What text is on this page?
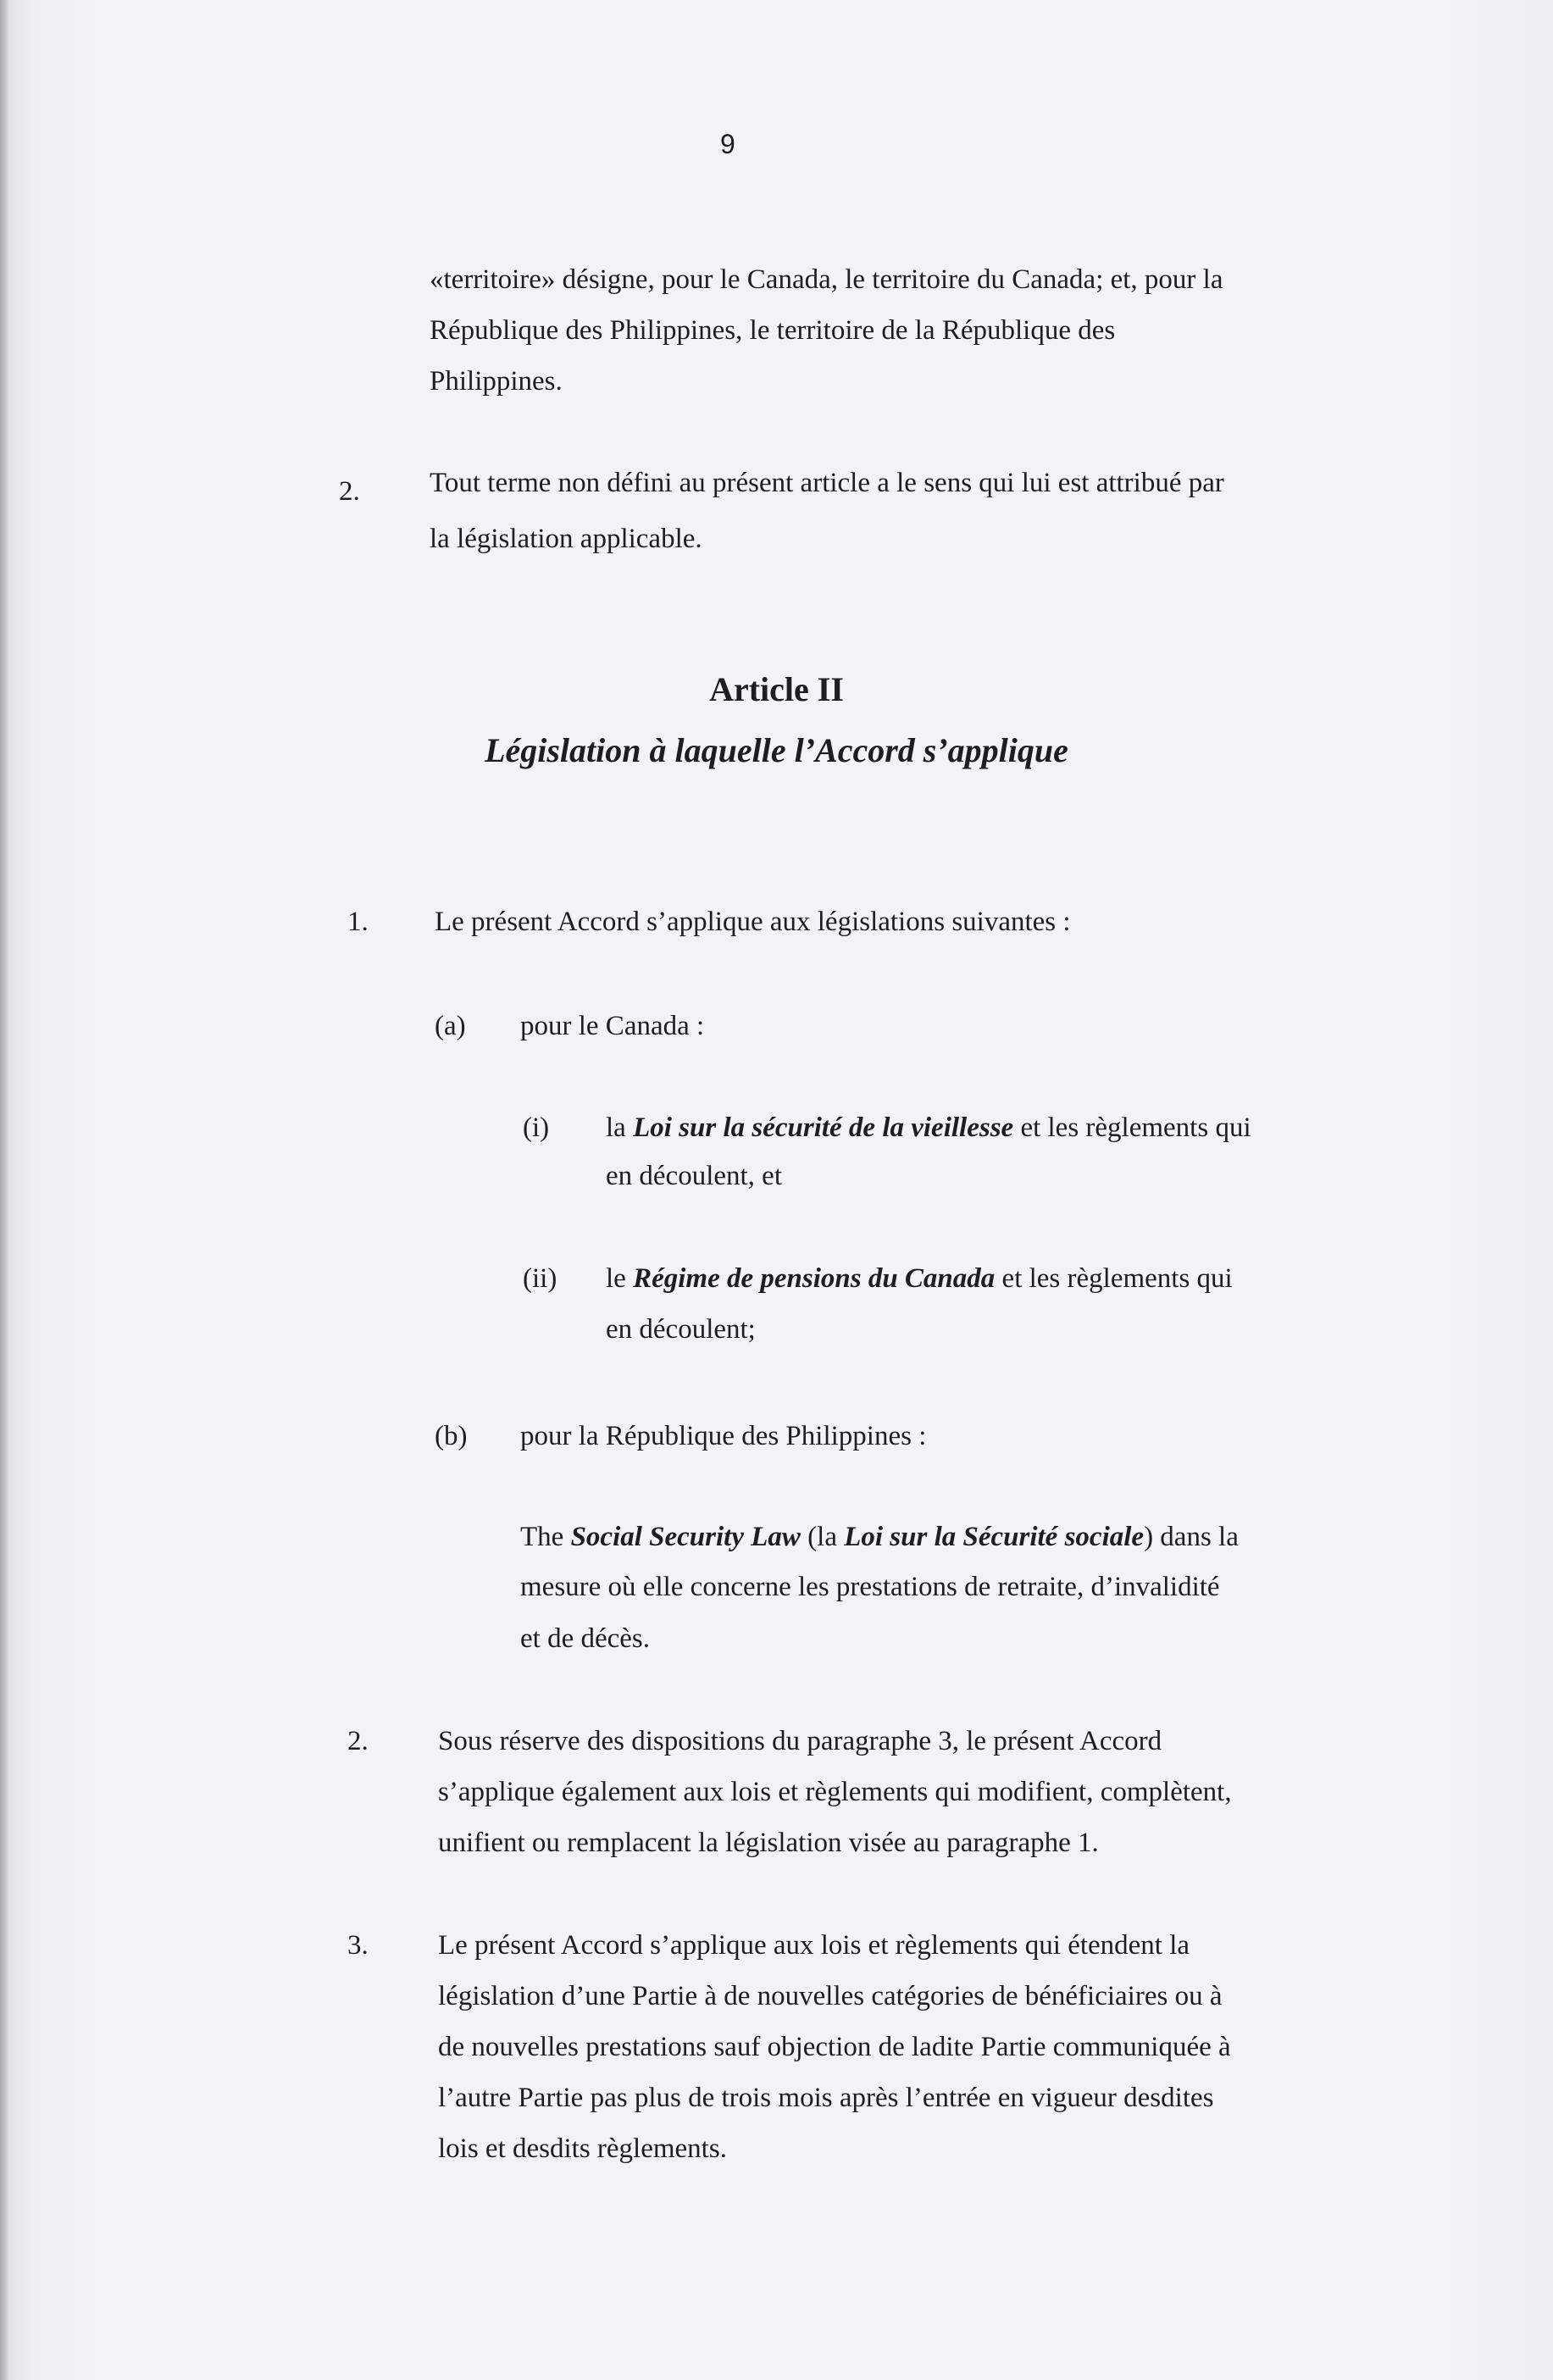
9
«territoire» désigne, pour le Canada, le territoire du Canada; et, pour la
République des Philippines, le territoire de la République des
Philippines.
2. Tout terme non défini au présent article a le sens qui lui est attribué par
la législation applicable.
Article II
Législation à laquelle l’Accord s’applique
1. Le présent Accord s’applique aux législations suivantes :
(a) pour le Canada :
(i) la Loi sur la sécurité de la vieillesse et les règlements qui
en découlent, et
(ii) le Régime de pensions du Canada et les règlements qui
en découlent;
(b) pour la République des Philippines :
The Social Security Law (la Loi sur la Sécurité sociale) dans la
mesure où elle concerne les prestations de retraite, d’invalidité
et de décès.
2. Sous réserve des dispositions du paragraphe 3, le présent Accord
s’applique également aux lois et règlements qui modifient, complètent,
unifient ou remplacent la législation visée au paragraphe 1.
3. Le présent Accord s’applique aux lois et règlements qui étendent la
législation d’une Partie à de nouvelles catégories de bénéficiaires ou à
de nouvelles prestations sauf objection de ladite Partie communiquée à
l’autre Partie pas plus de trois mois après l’entrée en vigueur desdites
lois et desdits règlements.
